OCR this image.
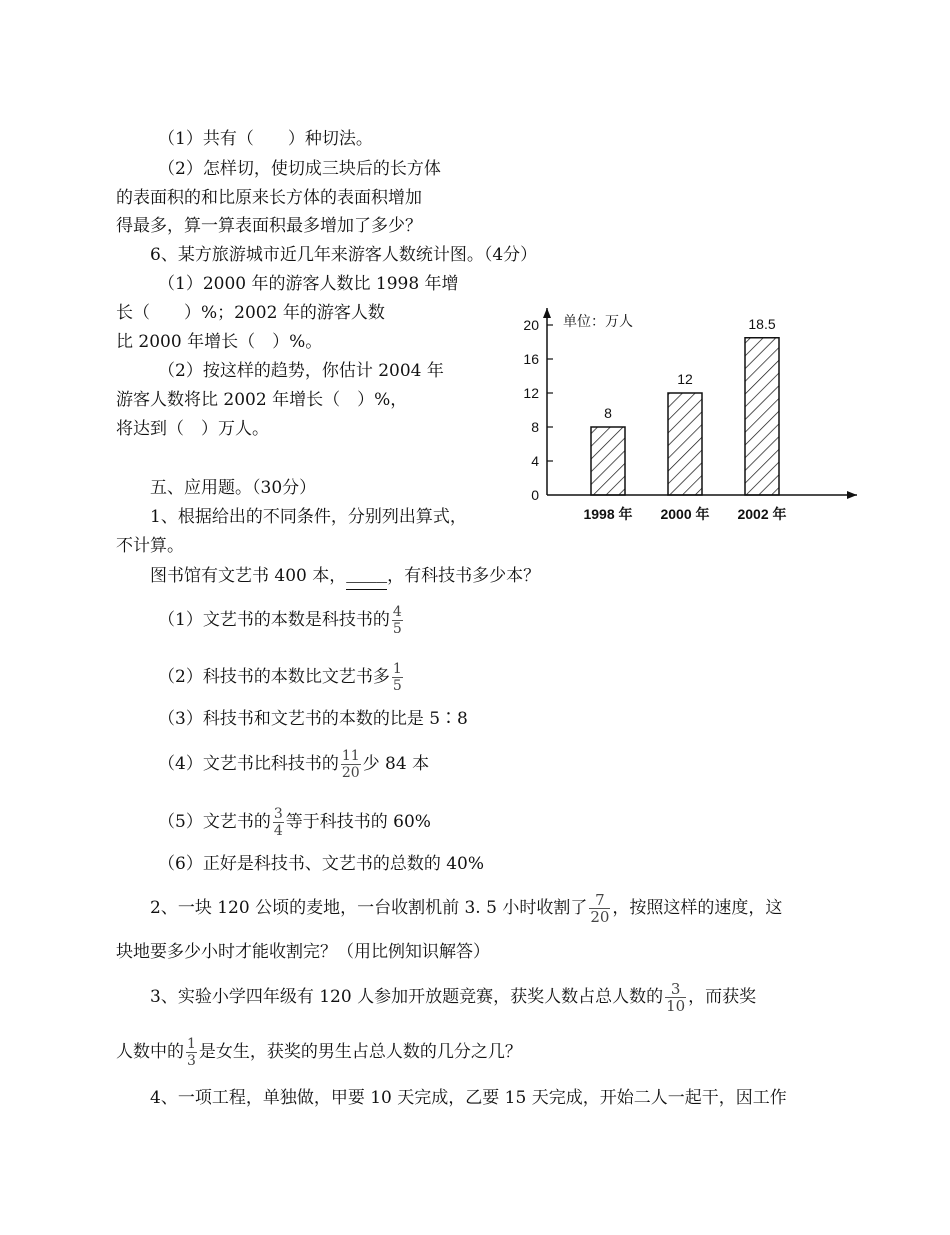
（1）共有（　　）种切法。
（2）怎样切，使切成三块后的长方体
的表面积的和比原来长方体的表面积增加
得最多，算一算表面积最多增加了多少？
6、某方旅游城市近几年来游客人数统计图。（4分）
（1）2000 年的游客人数比 1998 年增
长（　　）%；2002 年的游客人数
比 2000 年增长（　）%。
（2）按这样的趋势，你估计 2004 年
游客人数将比 2002 年增长（　）%，
将达到（　）万人。
0
4
8
12
16
20 单位：万人
8
1998 年
12
2000 年
18.5
2002 年
五、应用题。（30分）
1、根据给出的不同条件，分别列出算式，
不计算。
图书馆有文艺书 400 本，____，有科技书多少本？
（1）文艺书的本数是科技书的 $\frac{4}{5}$
（2）科技书的本数比文艺书多 $\frac{1}{5}$
（3）科技书和文艺书的本数的比是 5∶8
（4）文艺书比科技书的 $\frac{11}{20}$ 少 84 本
（5）文艺书的 $\frac{3}{4}$ 等于科技书的 60%
（6）正好是科技书、文艺书的总数的 40%
2、一块 120 公顷的麦地，一台收割机前 3. 5 小时收割了 $\frac{7}{20}$ ，按照这样的速度，这
块地要多少小时才能收割完？（用比例知识解答）
3、实验小学四年级有 120 人参加开放题竞赛，获奖人数占总人数的 $\frac{3}{10}$ ，而获奖
人数中的 $\frac{1}{3}$ 是女生，获奖的男生占总人数的几分之几？
4、一项工程，单独做，甲要 10 天完成，乙要 15 天完成，开始二人一起干，因工作
